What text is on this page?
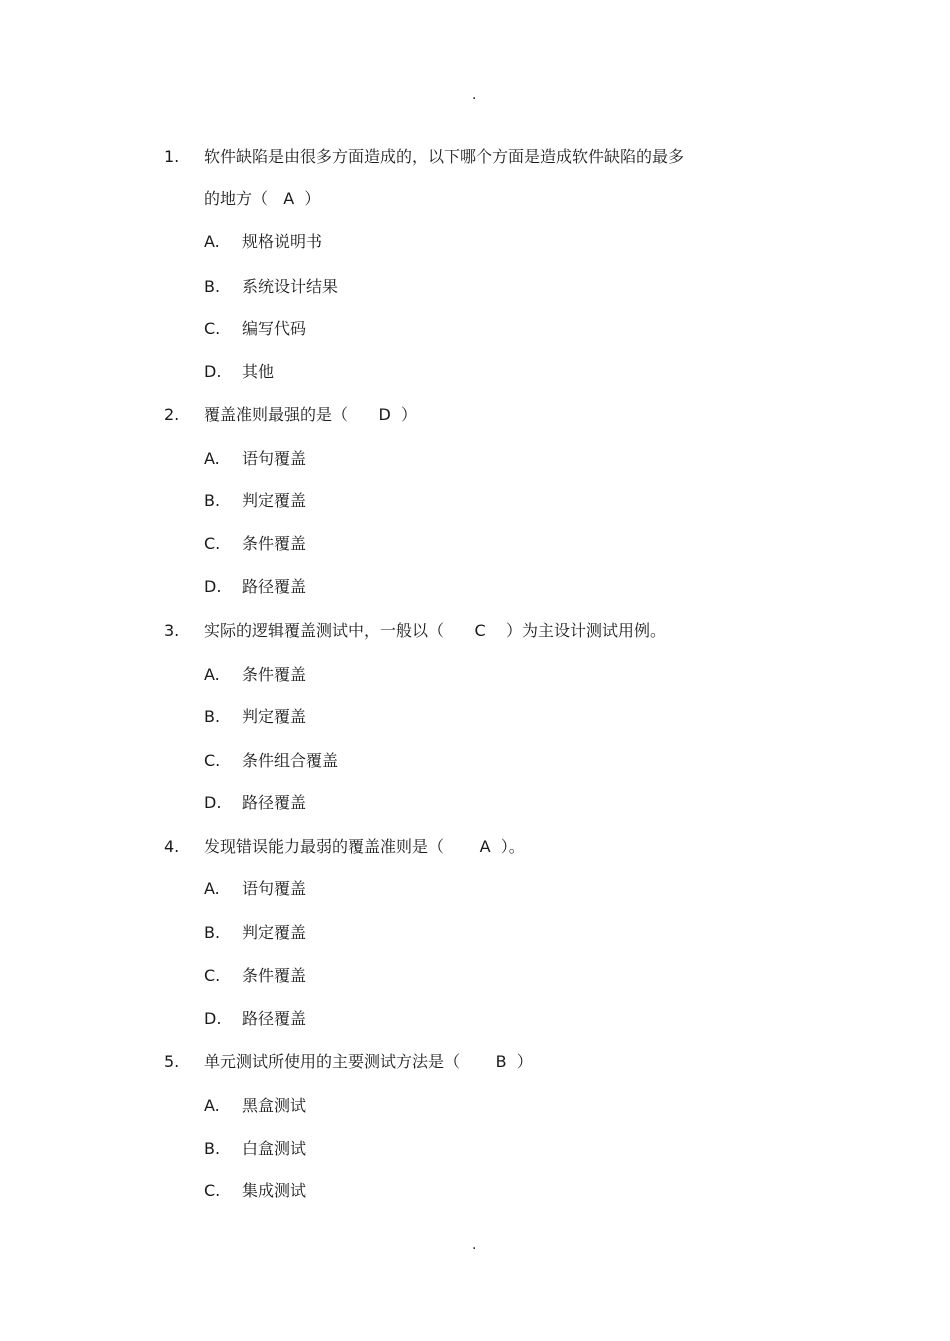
.
1. 软件缺陷是由很多方面造成的，以下哪个方面是造成软件缺陷的最多
的地方（   A  ）
A. 规格说明书
B. 系统设计结果
C. 编写代码
D. 其他
2. 覆盖准则最强的是（      D  ）
A. 语句覆盖
B. 判定覆盖
C. 条件覆盖
D. 路径覆盖
3. 实际的逻辑覆盖测试中，一般以（      C    ）为主设计测试用例。
A. 条件覆盖
B. 判定覆盖
C. 条件组合覆盖
D. 路径覆盖
4. 发现错误能力最弱的覆盖准则是（       A  ）。
A. 语句覆盖
B. 判定覆盖
C. 条件覆盖
D. 路径覆盖
5. 单元测试所使用的主要测试方法是（       B  ）
A. 黑盒测试
B. 白盒测试
C. 集成测试
.
